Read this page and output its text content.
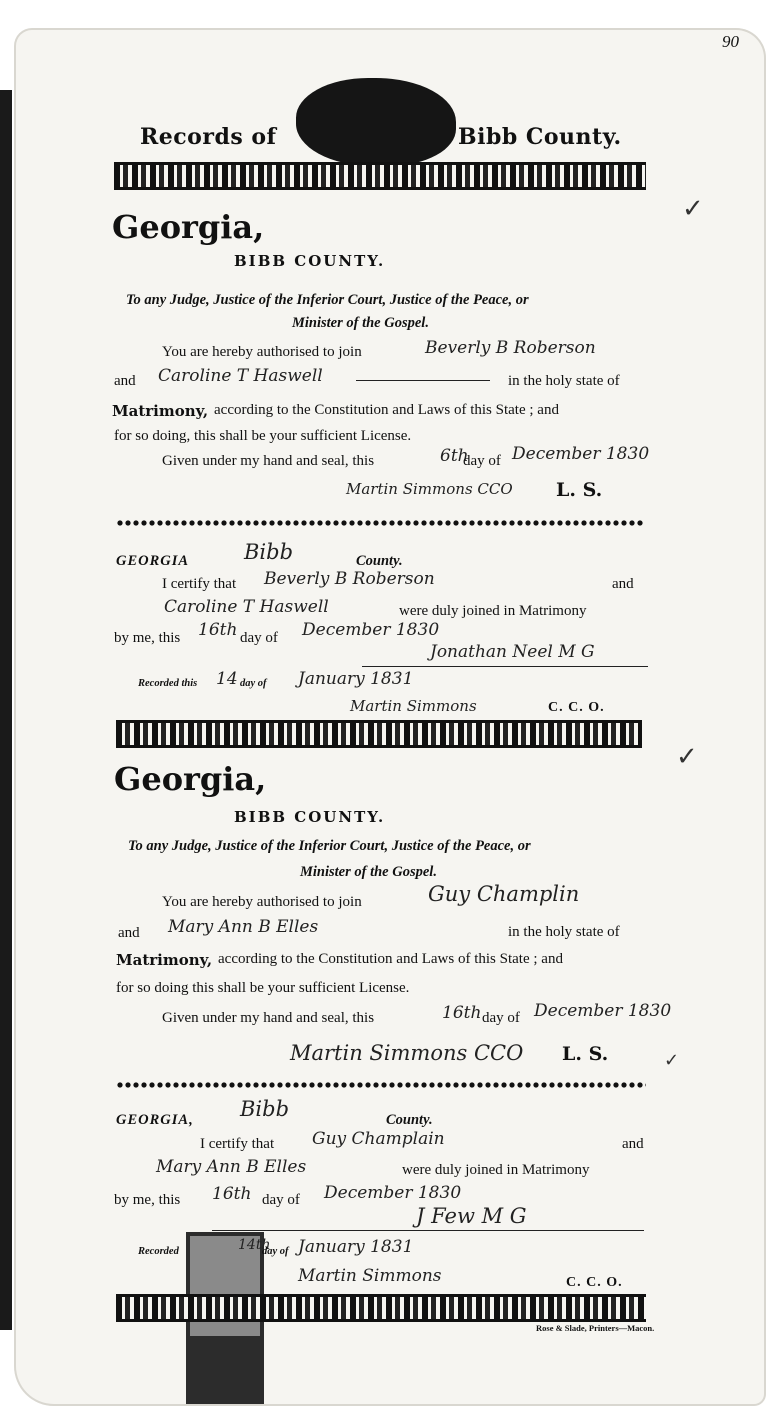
90
Records of	Bibb County.
✓
Georgia,
BIBB COUNTY.
To any Judge, Justice of the Inferior Court, Justice of the Peace, or
Minister of the Gospel.
You are hereby authorised to join	Beverly B Roberson
and Caroline T Haswell	in the holy state of
Matrimony, according to the Constitution and Laws of this State ; and
for so doing, this shall be your sufficient License.
Given under my hand and seal, this	6th
day of December 1830
Martin Simmons CCO L. S.
GEORGIA	Bibb	County.
I certify that Beverly B Roberson	and
Caroline T Haswell	were duly joined in Matrimony
by me, this 16th day of December 1830
Jonathan Neel M G
Recorded this 14 day of January 1831
Martin Simmons	C. C. O.
✓
Georgia,
BIBB COUNTY.
To any Judge, Justice of the Inferior Court, Justice of the Peace, or
Minister of the Gospel.
You are hereby authorised to join	Guy Champlin
and Mary Ann B Elles	in the holy state of
Matrimony, according to the Constitution and Laws of this State ; and
for so doing this shall be your sufficient License.
Given under my hand and seal, this	16th day of December 1830
Martin Simmons CCO L. S.	✓
GEORGIA, Bibb	County.
I certify that Guy Champlain	and
Mary Ann B Elles	were duly joined in Matrimony
by me, this 16th day of December 1830
J Few M G
Recorded	14th
day of January 1831
Martin Simmons	C. C. O.
Rose & Slade, Printers—Macon.
